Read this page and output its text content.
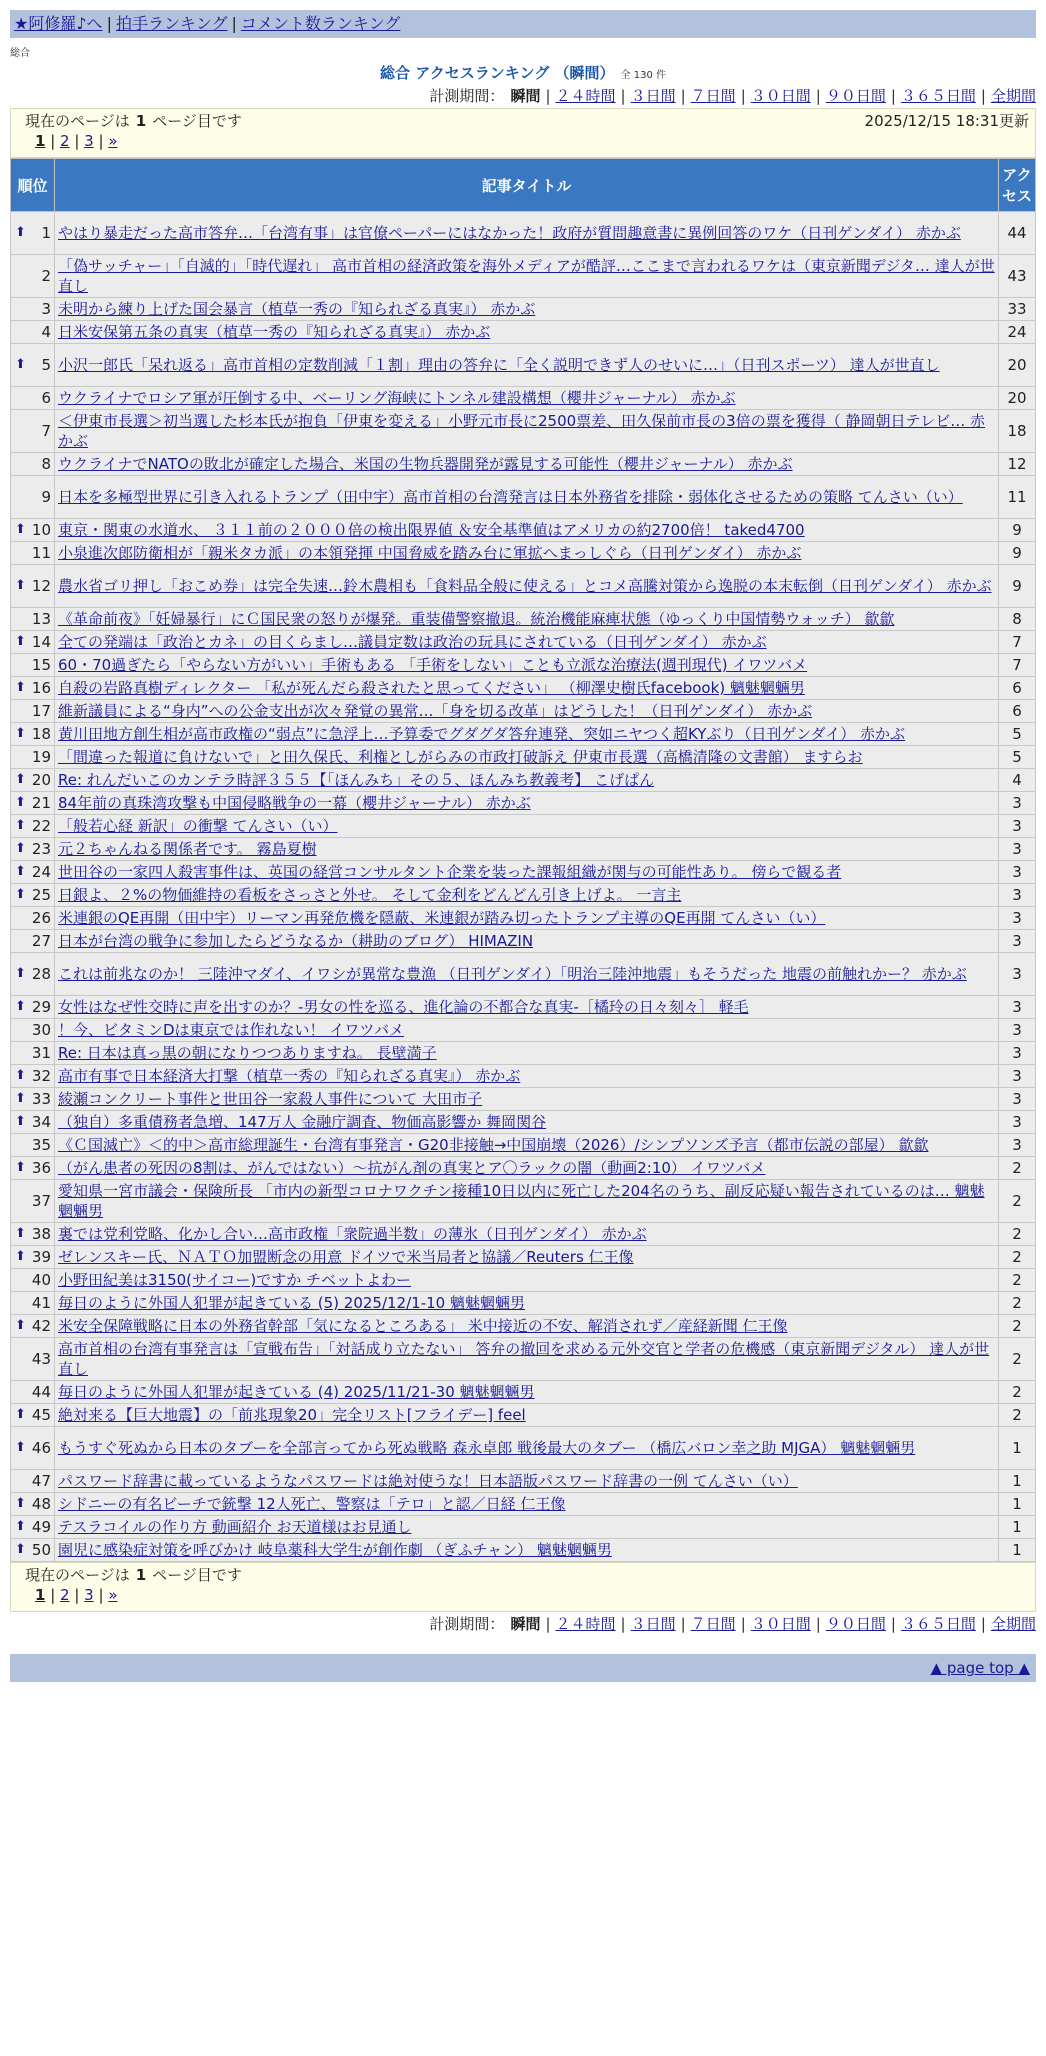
★阿修羅♪へ | 拍手ランキング | コメント数ランキング
総合
総合 アクセスランキング （瞬間） 全 130 件
計測期間： 瞬間 | ２４時間 | ３日間 | ７日間 | ３０日間 | ９０日間 | ３６５日間 | 全期間
現在のページは 1 ページ目です	2025/12/15 18:31更新
1 | 2 | 3 | »
順位	記事タイトル	アクセス

⬆ 1	やはり暴走だった高市答弁…「台湾有事」は官僚ペーパーにはなかった！政府が質問趣意書に異例回答のワケ（日刊ゲンダイ） 赤かぶ	44
2	「偽サッチャー」「自滅的」「時代遅れ」 高市首相の経済政策を海外メディアが酷評…ここまで言われるワケは（東京新聞デジタ… 達人が世直し	43
3	未明から練り上げた国会暴言（植草一秀の『知られざる真実』） 赤かぶ	33
4	日米安保第五条の真実（植草一秀の『知られざる真実』） 赤かぶ	24

⬆ 5	小沢一郎氏「呆れ返る」高市首相の定数削減「１割」理由の答弁に「全く説明できず人のせいに…」（日刊スポーツ） 達人が世直し	20
6	ウクライナでロシア軍が圧倒する中、ベーリング海峡にトンネル建設構想（櫻井ジャーナル） 赤かぶ	20
7	＜伊東市長選＞初当選した杉本氏が抱負「伊東を変える」小野元市長に2500票差、田久保前市長の3倍の票を獲得（ 静岡朝日テレビ… 赤かぶ	18
8	ウクライナでNATOの敗北が確定した場合、米国の生物兵器開発が露見する可能性（櫻井ジャーナル） 赤かぶ	12
9	日本を多極型世界に引き入れるトランプ（田中宇）高市首相の台湾発言は日本外務省を排除・弱体化させるための策略 てんさい（い）	11

⬆ 10	東京・関東の水道水、 ３１１前の２０００倍の検出限界値 ＆安全基準値はアメリカの約2700倍！ taked4700	9
11	小泉進次郎防衛相が「親米タカ派」の本領発揮 中国脅威を踏み台に軍拡へまっしぐら（日刊ゲンダイ） 赤かぶ	9

⬆ 12	農水省ゴリ押し「おこめ券」は完全失速…鈴木農相も「食料品全般に使える」とコメ高騰対策から逸脱の本末転倒（日刊ゲンダイ） 赤かぶ	9
13	《革命前夜》「妊婦暴行」にＣ国民衆の怒りが爆発。重装備警察撤退。統治機能麻痺状態（ゆっくり中国情勢ウォッチ） 歙歙	8

⬆ 14	全ての発端は「政治とカネ」の目くらまし…議員定数は政治の玩具にされている（日刊ゲンダイ） 赤かぶ	7
15	60・70過ぎたら「やらない方がいい」手術もある 「手術をしない」ことも立派な治療法(週刊現代) イワツバメ	7

⬆ 16	自殺の岩路真樹ディレクター 「私が死んだら殺されたと思ってください」 （柳澤史樹氏facebook) 魑魅魍魎男	6
17	維新議員による“身内”への公金支出が次々発覚の異常…「身を切る改革」はどうした！（日刊ゲンダイ） 赤かぶ	6

⬆ 18	黄川田地方創生相が高市政権の“弱点”に急浮上…予算委でグダグダ答弁連発、突如ニヤつく超KYぶり（日刊ゲンダイ） 赤かぶ	5
19	「間違った報道に負けないで」と田久保氏、利権としがらみの市政打破訴え 伊東市長選（高橋清隆の文書館） ますらお	5

⬆ 20	Re: れんだいこのカンテラ時評３５５【「ほんみち」その５、ほんみち教義考】 こげぱん	4

⬆ 21	84年前の真珠湾攻撃も中国侵略戦争の一幕（櫻井ジャーナル） 赤かぶ	3

⬆ 22	「般若心経 新訳」の衝撃 てんさい（い）	3

⬆ 23	元２ちゃんねる関係者です。 霧島夏樹	3

⬆ 24	世田谷の一家四人殺害事件は、英国の経営コンサルタント企業を装った課報組織が関与の可能性あり。 傍らで観る者	3

⬆ 25	日銀よ、２%の物価維持の看板をさっさと外せ。 そして金利をどんどん引き上げよ。 一言主	3
26	米連銀のQE再開（田中宇）リーマン再発危機を隠蔽、米連銀が踏み切ったトランプ主導のQE再開 てんさい（い）	3
27	日本が台湾の戦争に参加したらどうなるか（耕助のブログ） HIMAZIN	3

⬆ 28	これは前兆なのか！ 三陸沖マダイ、イワシが異常な豊漁 （日刊ゲンダイ）「明治三陸沖地震」もそうだった 地震の前触れかー？ 赤かぶ	3

⬆ 29	女性はなぜ性交時に声を出すのか？-男女の性を巡る、進化論の不都合な真実-［橘玲の日々刻々］ 軽毛	3
30	！今、ビタミンDは東京では作れない！ イワツバメ	3
31	Re: 日本は真っ黒の朝になりつつありますね。 長壁満子	3

⬆ 32	高市有事で日本経済大打撃（植草一秀の『知られざる真実』） 赤かぶ	3

⬆ 33	綾瀬コンクリート事件と世田谷一家殺人事件について 大田市子	3

⬆ 34	（独自）多重債務者急増、147万人 金融庁調査、物価高影響か 舞岡関谷	3
35	《Ｃ国滅亡》＜的中＞高市総理誕生・台湾有事発言・G20非接触→中国崩壊（2026）/シンプソンズ予言（都市伝説の部屋） 歙歙	3

⬆ 36	（がん患者の死因の8割は、がんではない）～抗がん剤の真実とア〇ラックの闇（動画2:10） イワツバメ	2
37	愛知県一宮市議会・保険所長 「市内の新型コロナワクチン接種10日以内に死亡した204名のうち、副反応疑い報告されているのは… 魑魅魍魎男	2

⬆ 38	裏では党利党略、化かし合い…高市政権「衆院過半数」の薄氷（日刊ゲンダイ） 赤かぶ	2

⬆ 39	ゼレンスキー氏、ＮＡＴＯ加盟断念の用意 ドイツで米当局者と協議／Reuters 仁王像	2
40	小野田紀美は3150(サイコー)ですか チベットよわー	2
41	毎日のように外国人犯罪が起きている (5) 2025/12/1-10 魑魅魍魎男	2

⬆ 42	米安全保障戦略に日本の外務省幹部「気になるところある」 米中接近の不安、解消されず／産経新聞 仁王像	2
43	高市首相の台湾有事発言は「宣戦布告」「対話成り立たない」 答弁の撤回を求める元外交官と学者の危機感（東京新聞デジタル） 達人が世直し	2
44	毎日のように外国人犯罪が起きている (4) 2025/11/21-30 魑魅魍魎男	2

⬆ 45	絶対来る【巨大地震】の「前兆現象20」完全リスト[フライデー] feel	2

⬆ 46	もうすぐ死ぬから日本のタブーを全部言ってから死ぬ戦略 森永卓郎 戦後最大のタブー （橋広バロン幸之助 MJGA） 魑魅魍魎男	1
47	パスワード辞書に載っているようなパスワードは絶対使うな！日本語版パスワード辞書の一例 てんさい（い）	1

⬆ 48	シドニーの有名ビーチで銃撃 12人死亡、警察は「テロ」と認／日経 仁王像	1

⬆ 49	テスラコイルの作り方 動画紹介 お天道様はお見通し	1

⬆ 50	園児に感染症対策を呼びかけ 岐阜薬科大学生が創作劇 （ぎふチャン） 魑魅魍魎男	1
現在のページは 1 ページ目です
1 | 2 | 3 | »
計測期間： 瞬間 | ２４時間 | ３日間 | ７日間 | ３０日間 | ９０日間 | ３６５日間 | 全期間
▲ page top ▲
